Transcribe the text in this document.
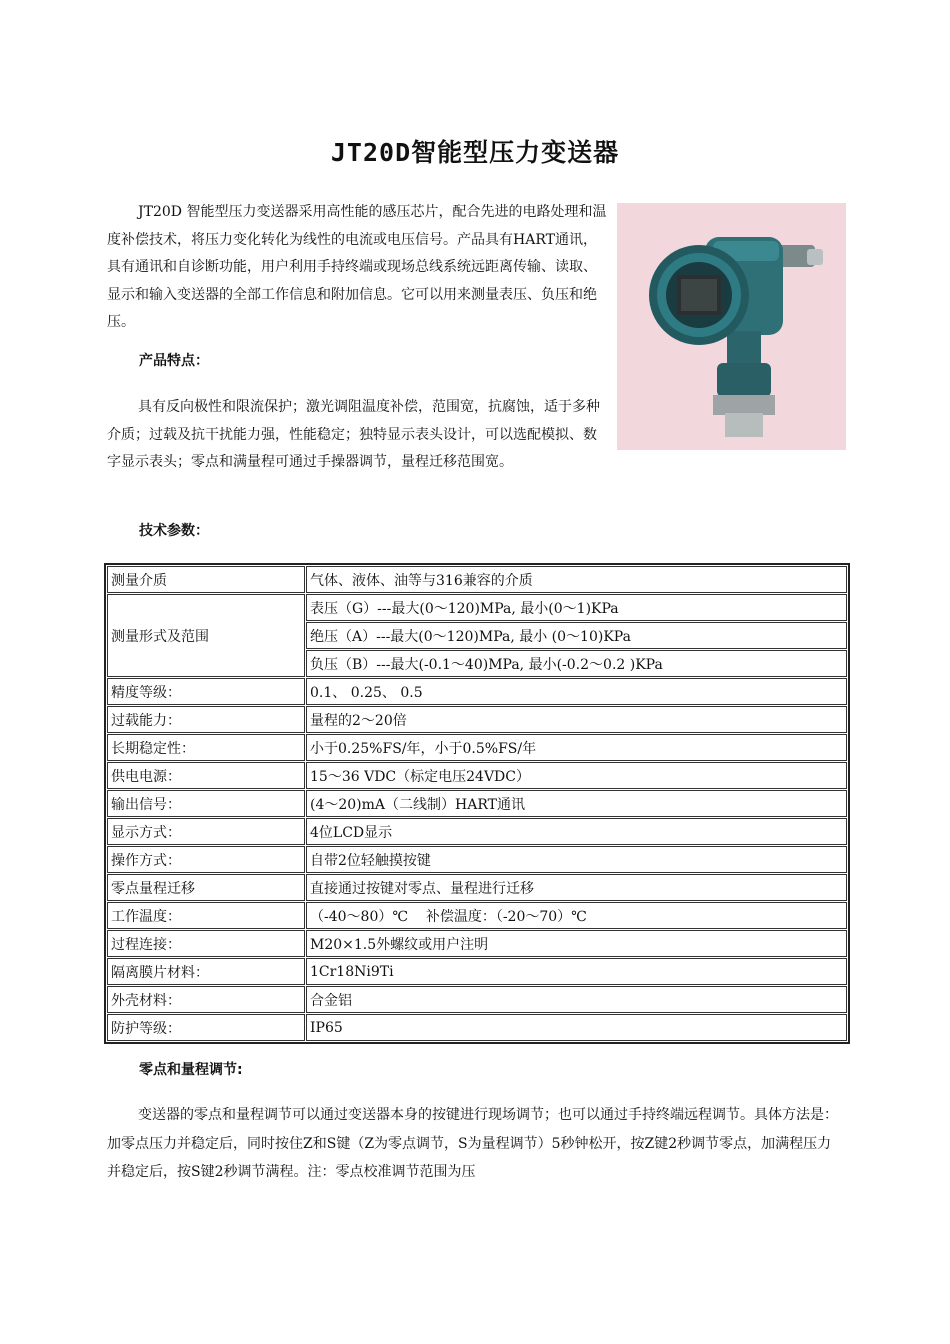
JT20D智能型压力变送器

JT20D 智能型压力变送器采用高性能的感压芯片，配合先进的电路处理和温度补偿技术，将压力变化转化为线性的电流或电压信号。产品具有HART通讯，具有通讯和自诊断功能，用户利用手持终端或现场总线系统远距离传输、读取、显示和输入变送器的全部工作信息和附加信息。它可以用来测量表压、负压和绝压。

产品特点：

具有反向极性和限流保护；激光调阻温度补偿，范围宽，抗腐蚀，适于多种介质；过载及抗干扰能力强，性能稳定；独特显示表头设计，可以选配模拟、数字显示表头；零点和满量程可通过手操器调节，量程迁移范围宽。

技术参数：
测量介质	气体、液体、油等与316兼容的介质
测量形式及范围	表压（G）---最大(0～120)MPa, 最小(0～1)KPa
	绝压（A）---最大(0～120)MPa, 最小 (0～10)KPa
	负压（B）---最大(-0.1～40)MPa, 最小(-0.2～0.2 )KPa
精度等级：	0.1、 0.25、 0.5
过载能力：	量程的2～20倍
长期稳定性：	小于0.25%FS/年，小于0.5%FS/年
供电电源：	15～36 VDC（标定电压24VDC）
输出信号：	(4～20)mA（二线制）HART通讯
显示方式：	4位LCD显示
操作方式：	自带2位轻触摸按键
零点量程迁移	直接通过按键对零点、量程进行迁移
工作温度：	（-40～80）℃    补偿温度：（-20～70）℃
过程连接：	M20×1.5外螺纹或用户注明
隔离膜片材料：	1Cr18Ni9Ti
外壳材料：	合金铝
防护等级：	IP65
零点和量程调节:

变送器的零点和量程调节可以通过变送器本身的按键进行现场调节；也可以通过手持终端远程调节。具体方法是：加零点压力并稳定后，同时按住Z和S键（Z为零点调节，S为量程调节）5秒钟松开，按Z键2秒调节零点，加满程压力并稳定后，按S键2秒调节满程。注：零点校准调节范围为压
